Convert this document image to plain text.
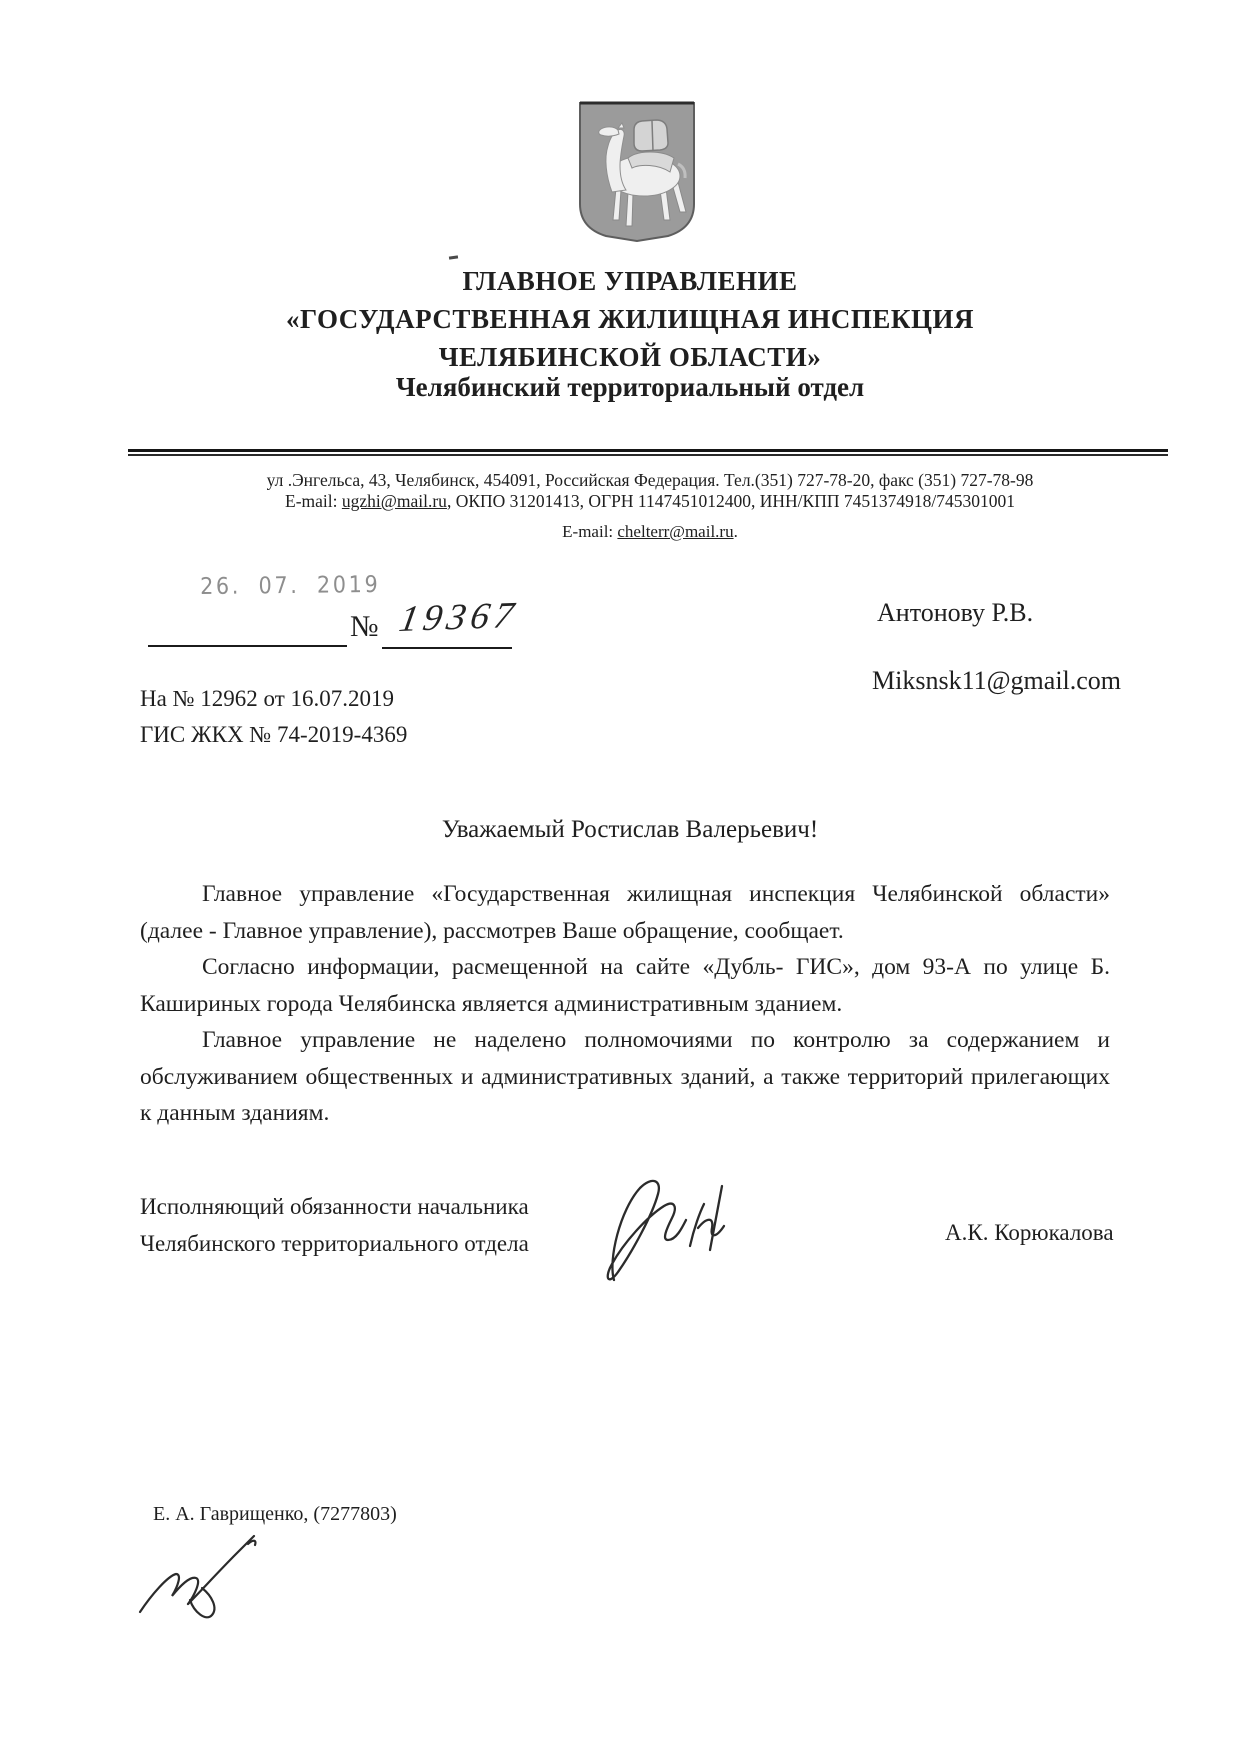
ГЛАВНОЕ УПРАВЛЕНИЕ
«ГОСУДАРСТВЕННАЯ ЖИЛИЩНАЯ ИНСПЕКЦИЯ
ЧЕЛЯБИНСКОЙ ОБЛАСТИ»
Челябинский территориальный отдел
ул .Энгельса, 43, Челябинск, 454091, Российская Федерация. Тел.(351) 727-78-20, факс (351) 727-78-98
E-mail: ugzhi@mail.ru, ОКПО 31201413, ОГРН 1147451012400, ИНН/КПП 7451374918/745301001
E-mail: chelterr@mail.ru.
26. 07. 2019
№ 19367	Антонову Р.В.
Miksnsk11@gmail.com
На № 12962 от 16.07.2019
ГИС ЖКХ № 74-2019-4369
Уважаемый Ростислав Валерьевич!

Главное управление «Государственная жилищная инспекция Челябинской области» (далее - Главное управление), рассмотрев Ваше обращение, сообщает.

Согласно информации, расмещенной на сайте «Дубль- ГИС», дом 93-А по улице Б. Кашириных города Челябинска является административным зданием.

Главное управление не наделено полномочиями по контролю за содержанием и обслуживанием общественных и административных зданий, а также территорий прилегающих к данным зданиям.

Исполняющий обязанности начальника
Челябинского территориального отдела	А.К. Корюкалова
Е. А. Гаврищенко, (7277803)
